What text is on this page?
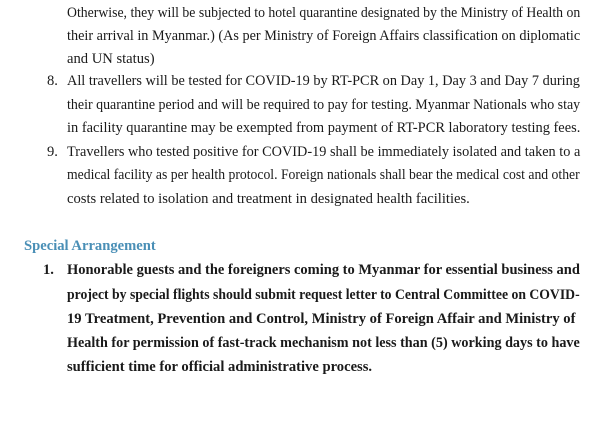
Otherwise, they will be subjected to hotel quarantine designated by the Ministry of Health on
their arrival in Myanmar.) (As per Ministry of Foreign Affairs classification on diplomatic
and UN status)
8. All travellers will be tested for COVID-19 by RT-PCR on Day 1, Day 3 and Day 7 during
their quarantine period and will be required to pay for testing. Myanmar Nationals who stay
in facility quarantine may be exempted from payment of RT-PCR laboratory testing fees.
9. Travellers who tested positive for COVID-19 shall be immediately isolated and taken to a
medical facility as per health protocol. Foreign nationals shall bear the medical cost and other
costs related to isolation and treatment in designated health facilities.
Special Arrangement
1. Honorable guests and the foreigners coming to Myanmar for essential business and
project by special flights should submit request letter to Central Committee on COVID-
19 Treatment, Prevention and Control, Ministry of Foreign Affair and Ministry of
Health for permission of fast-track mechanism not less than (5) working days to have
sufficient time for official administrative process.
